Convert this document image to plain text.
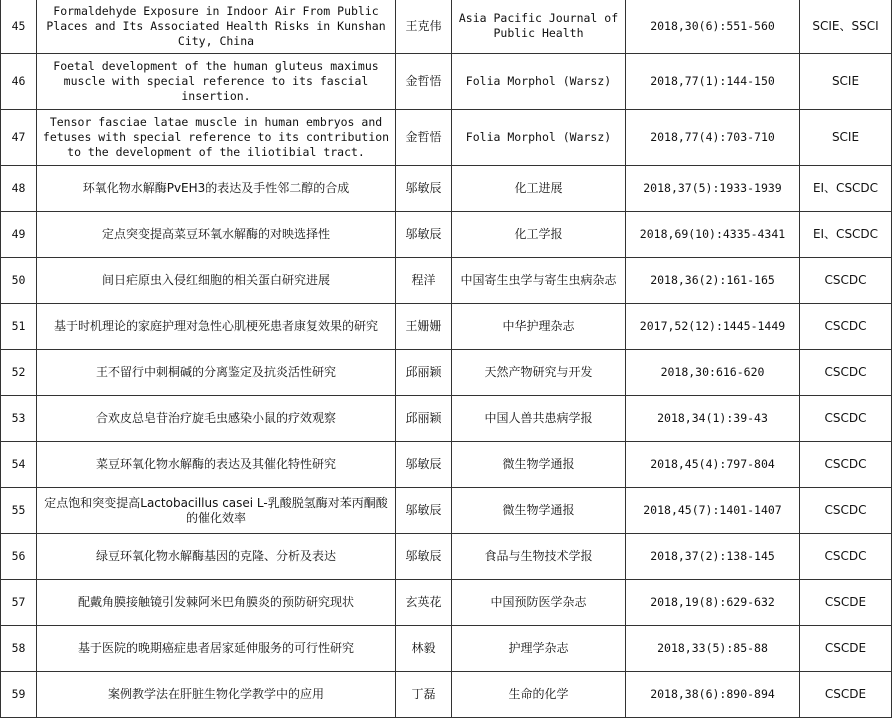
45	Formaldehyde Exposure in Indoor Air From Public Places and Its Associated Health Risks in Kunshan City, China	王克伟	Asia Pacific Journal of Public Health	2018,30(6):551-560	SCIE、SSCI
46	Foetal development of the human gluteus maximus muscle with special reference to its fascial insertion.	金哲悟	Folia Morphol (Warsz)	2018,77(1):144-150	SCIE
47	Tensor fasciae latae muscle in human embryos and fetuses with special reference to its contribution to the development of the iliotibial tract.	金哲悟	Folia Morphol (Warsz)	2018,77(4):703-710	SCIE
48	环氧化物水解酶PvEH3的表达及手性邻二醇的合成	邬敏辰	化工进展	2018,37(5):1933-1939	EI、CSCDC
49	定点突变提高菜豆环氧水解酶的对映选择性	邬敏辰	化工学报	2018,69(10):4335-4341	EI、CSCDC
50	间日疟原虫入侵红细胞的相关蛋白研究进展	程洋	中国寄生虫学与寄生虫病杂志	2018,36(2):161-165	CSCDC
51	基于时机理论的家庭护理对急性心肌梗死患者康复效果的研究	王姗姗	中华护理杂志	2017,52(12):1445-1449	CSCDC
52	王不留行中刺桐碱的分离鉴定及抗炎活性研究	邱丽颖	天然产物研究与开发	2018,30:616-620	CSCDC
53	合欢皮总皂苷治疗旋毛虫感染小鼠的疗效观察	邱丽颖	中国人兽共患病学报	2018,34(1):39-43	CSCDC
54	菜豆环氧化物水解酶的表达及其催化特性研究	邬敏辰	微生物学通报	2018,45(4):797-804	CSCDC
55	定点饱和突变提高Lactobacillus casei L-乳酸脱氢酶对苯丙酮酸的催化效率	邬敏辰	微生物学通报	2018,45(7):1401-1407	CSCDC
56	绿豆环氧化物水解酶基因的克隆、分析及表达	邬敏辰	食品与生物技术学报	2018,37(2):138-145	CSCDC
57	配戴角膜接触镜引发棘阿米巴角膜炎的预防研究现状	玄英花	中国预防医学杂志	2018,19(8):629-632	CSCDE
58	基于医院的晚期癌症患者居家延伸服务的可行性研究	林毅	护理学杂志	2018,33(5):85-88	CSCDE
59	案例教学法在肝脏生物化学教学中的应用	丁磊	生命的化学	2018,38(6):890-894	CSCDE
